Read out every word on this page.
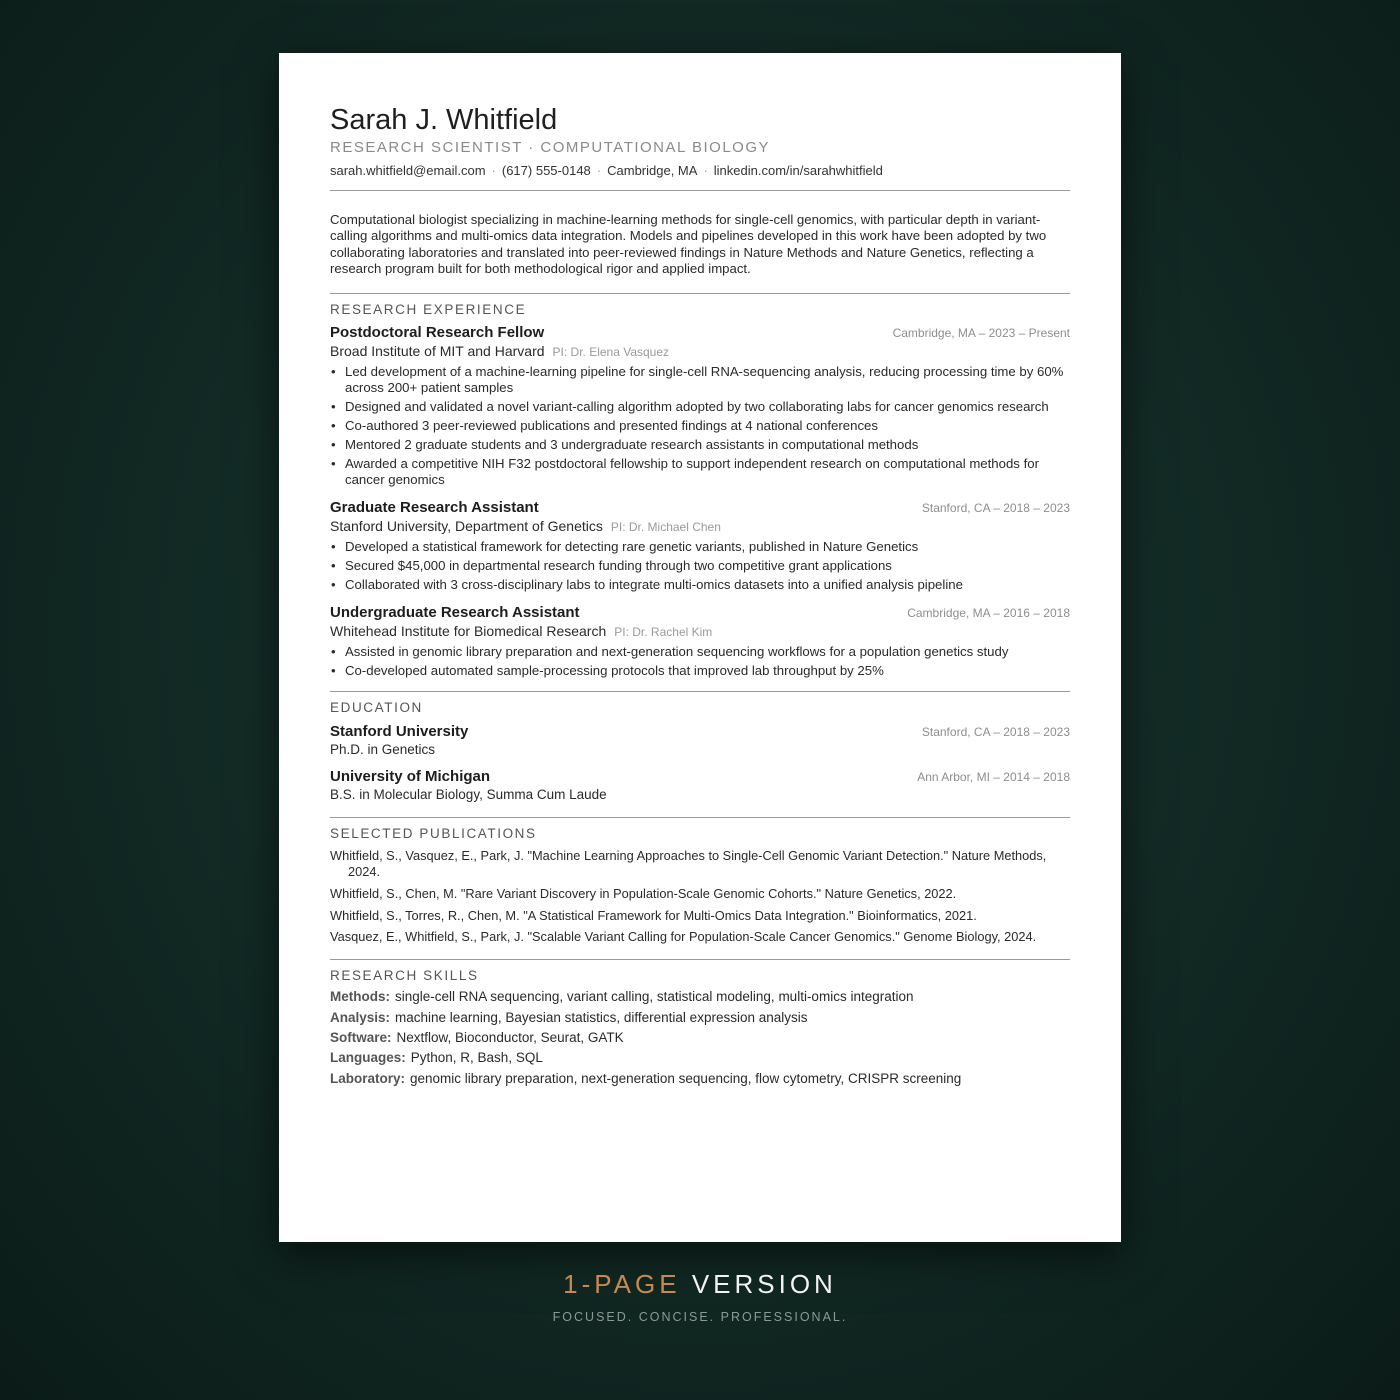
Sarah J. Whitfield
RESEARCH SCIENTIST · COMPUTATIONAL BIOLOGY
sarah.whitfield@email.com · (617) 555-0148 · Cambridge, MA · linkedin.com/in/sarahwhitfield

Computational biologist specializing in machine-learning methods for single-cell genomics, with particular depth in variant-calling algorithms and multi-omics data integration. Models and pipelines developed in this work have been adopted by two collaborating laboratories and translated into peer-reviewed findings in Nature Methods and Nature Genetics, reflecting a research program built for both methodological rigor and applied impact.

RESEARCH EXPERIENCE
Postdoctoral Research Fellow	Cambridge, MA – 2023 – Present
Broad Institute of MIT and Harvard PI: Dr. Elena Vasquez
• Led development of a machine-learning pipeline for single-cell RNA-sequencing analysis, reducing processing time by 60% across 200+ patient samples
• Designed and validated a novel variant-calling algorithm adopted by two collaborating labs for cancer genomics research
• Co-authored 3 peer-reviewed publications and presented findings at 4 national conferences
• Mentored 2 graduate students and 3 undergraduate research assistants in computational methods
• Awarded a competitive NIH F32 postdoctoral fellowship to support independent research on computational methods for cancer genomics
Graduate Research Assistant	Stanford, CA – 2018 – 2023
Stanford University, Department of Genetics PI: Dr. Michael Chen
• Developed a statistical framework for detecting rare genetic variants, published in Nature Genetics
• Secured $45,000 in departmental research funding through two competitive grant applications
• Collaborated with 3 cross-disciplinary labs to integrate multi-omics datasets into a unified analysis pipeline
Undergraduate Research Assistant	Cambridge, MA – 2016 – 2018
Whitehead Institute for Biomedical Research PI: Dr. Rachel Kim
• Assisted in genomic library preparation and next-generation sequencing workflows for a population genetics study
• Co-developed automated sample-processing protocols that improved lab throughput by 25%
EDUCATION
Stanford University	Stanford, CA – 2018 – 2023
Ph.D. in Genetics
University of Michigan	Ann Arbor, MI – 2014 – 2018
B.S. in Molecular Biology, Summa Cum Laude
SELECTED PUBLICATIONS
Whitfield, S., Vasquez, E., Park, J. "Machine Learning Approaches to Single-Cell Genomic Variant Detection." Nature Methods, 2024.
Whitfield, S., Chen, M. "Rare Variant Discovery in Population-Scale Genomic Cohorts." Nature Genetics, 2022.
Whitfield, S., Torres, R., Chen, M. "A Statistical Framework for Multi-Omics Data Integration." Bioinformatics, 2021.
Vasquez, E., Whitfield, S., Park, J. "Scalable Variant Calling for Population-Scale Cancer Genomics." Genome Biology, 2024.
RESEARCH SKILLS
Methods: single-cell RNA sequencing, variant calling, statistical modeling, multi-omics integration
Analysis: machine learning, Bayesian statistics, differential expression analysis
Software: Nextflow, Bioconductor, Seurat, GATK
Languages: Python, R, Bash, SQL
Laboratory: genomic library preparation, next-generation sequencing, flow cytometry, CRISPR screening
1-PAGE VERSION
FOCUSED. CONCISE. PROFESSIONAL.
